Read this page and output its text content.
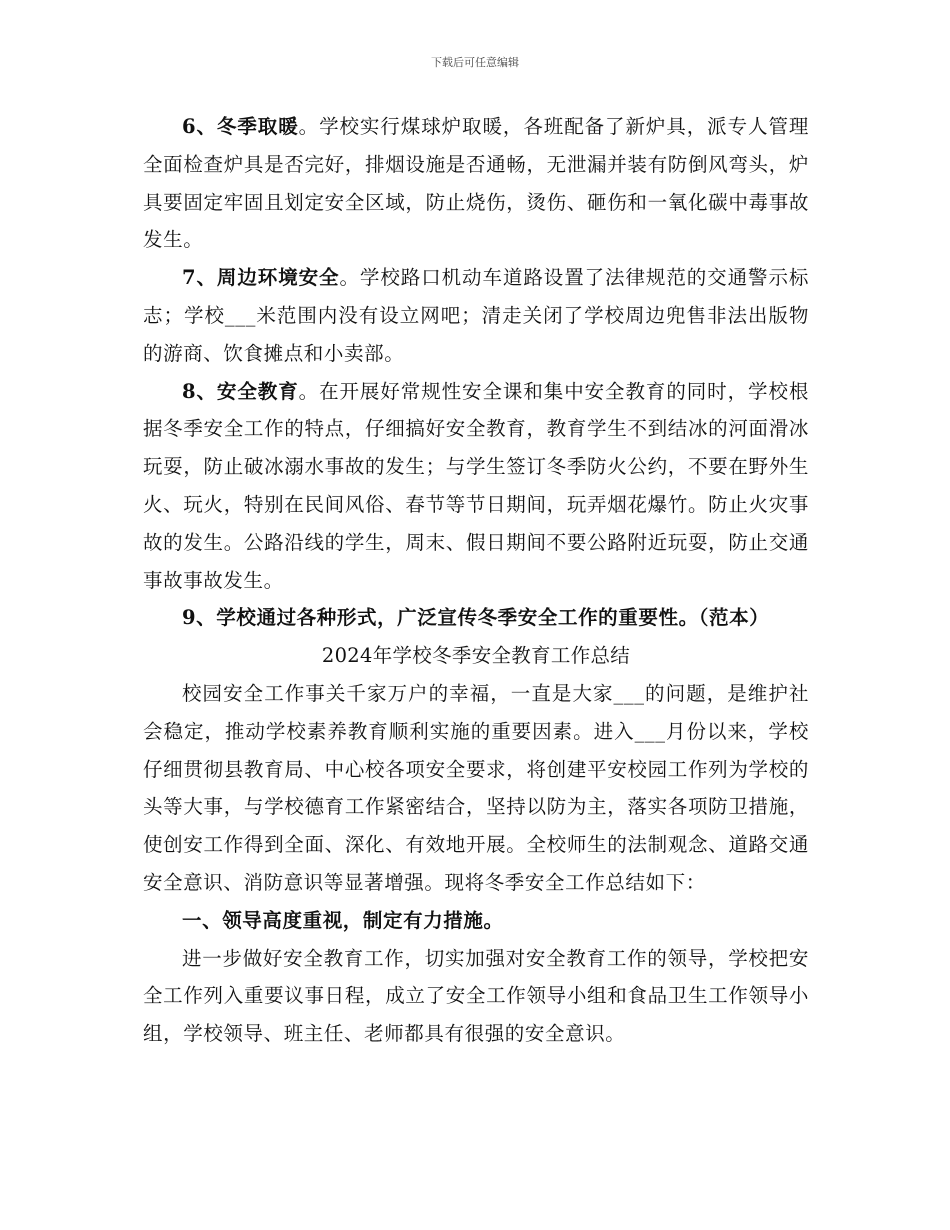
下载后可任意编辑

6、冬季取暖。学校实行煤球炉取暖，各班配备了新炉具，派专人管理全面检查炉具是否完好，排烟设施是否通畅，无泄漏并装有防倒风弯头，炉具要固定牢固且划定安全区域，防止烧伤，烫伤、砸伤和一氧化碳中毒事故发生。

7、周边环境安全。学校路口机动车道路设置了法律规范的交通警示标志；学校___米范围内没有设立网吧；清走关闭了学校周边兜售非法出版物的游商、饮食摊点和小卖部。

8、安全教育。在开展好常规性安全课和集中安全教育的同时，学校根据冬季安全工作的特点，仔细搞好安全教育，教育学生不到结冰的河面滑冰玩耍，防止破冰溺水事故的发生；与学生签订冬季防火公约，不要在野外生火、玩火，特别在民间风俗、春节等节日期间，玩弄烟花爆竹。防止火灾事故的发生。公路沿线的学生，周末、假日期间不要公路附近玩耍，防止交通事故事故发生。

9、学校通过各种形式，广泛宣传冬季安全工作的重要性。（范本）

2024年学校冬季安全教育工作总结

校园安全工作事关千家万户的幸福，一直是大家___的问题，是维护社会稳定，推动学校素养教育顺利实施的重要因素。进入___月份以来，学校仔细贯彻县教育局、中心校各项安全要求，将创建平安校园工作列为学校的头等大事，与学校德育工作紧密结合，坚持以防为主，落实各项防卫措施，使创安工作得到全面、深化、有效地开展。全校师生的法制观念、道路交通安全意识、消防意识等显著增强。现将冬季安全工作总结如下：

一、领导高度重视，制定有力措施。

进一步做好安全教育工作，切实加强对安全教育工作的领导，学校把安全工作列入重要议事日程，成立了安全工作领导小组和食品卫生工作领导小组，学校领导、班主任、老师都具有很强的安全意识。
